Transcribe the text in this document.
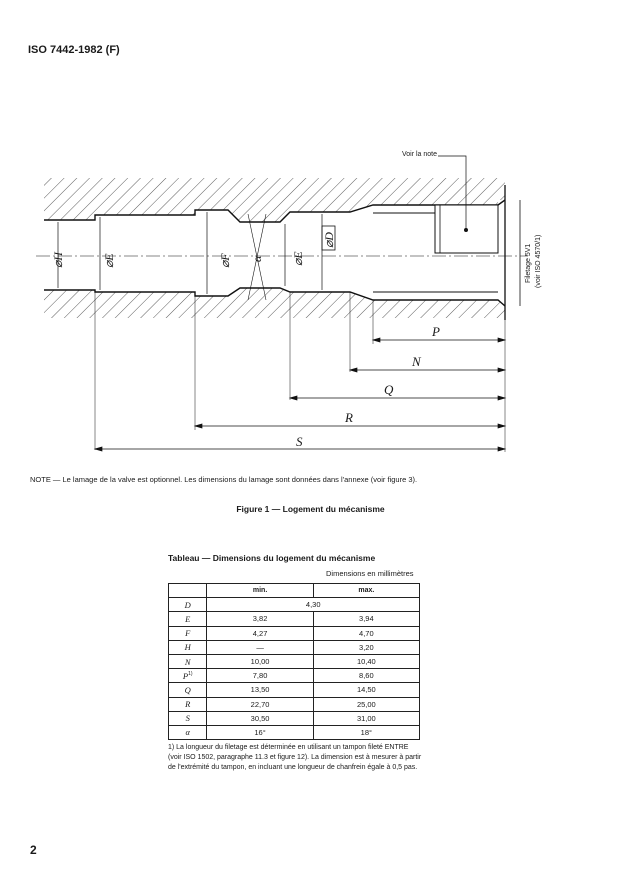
ISO 7442-1982 (F)
Voir la note
⌀H	⌀E	⌀F α ⌀E
⌀D
Filetage 5V1 (voir ISO 4570/1)
P
N
Q
R
S
NOTE — Le lamage de la valve est optionnel. Les dimensions du lamage sont données dans l'annexe (voir figure 3).
Figure 1 — Logement du mécanisme
Tableau — Dimensions du logement du mécanisme
Dimensions en millimètres
	min.	max.
D	4,30	
E	3,82	3,94
F	4,27	4,70
H	—	3,20
N	10,00	10,40
$P^{1)}$	7,80	8,60
Q	13,50	14,50
R	22,70	25,00
S	30,50	31,00
α	16°	18°
1) La longueur du filetage est déterminée en utilisant un tampon fileté ENTRE (voir ISO 1502, paragraphe 11.3 et figure 12). La dimension est à mesurer à partir de l'extrémité du tampon, en incluant une longueur de chanfrein égale à 0,5 pas.
2
